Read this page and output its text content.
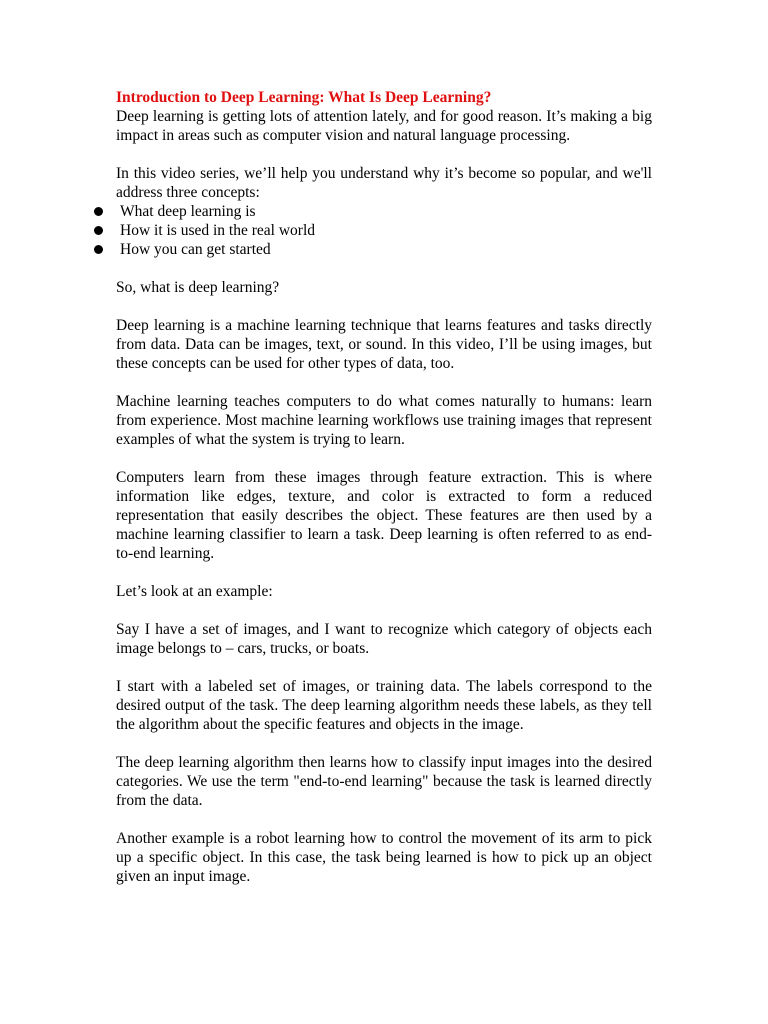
Introduction to Deep Learning: What Is Deep Learning?

Deep learning is getting lots of attention lately, and for good reason. It’s making a big impact in areas such as computer vision and natural language processing.

In this video series, we’ll help you understand why it’s become so popular, and we'll address three concepts:

What deep learning is
How it is used in the real world
How you can get started

So, what is deep learning?

Deep learning is a machine learning technique that learns features and tasks directly from data. Data can be images, text, or sound. In this video, I’ll be using images, but these concepts can be used for other types of data, too.

Machine learning teaches computers to do what comes naturally to humans: learn from experience. Most machine learning workflows use training images that represent examples of what the system is trying to learn.

Computers learn from these images through feature extraction. This is where information like edges, texture, and color is extracted to form a reduced representation that easily describes the object. These features are then used by a machine learning classifier to learn a task. Deep learning is often referred to as end-to-end learning.

Let’s look at an example:

Say I have a set of images, and I want to recognize which category of objects each image belongs to – cars, trucks, or boats.

I start with a labeled set of images, or training data. The labels correspond to the desired output of the task. The deep learning algorithm needs these labels, as they tell the algorithm about the specific features and objects in the image.

The deep learning algorithm then learns how to classify input images into the desired categories. We use the term "end-to-end learning" because the task is learned directly from the data.

Another example is a robot learning how to control the movement of its arm to pick up a specific object. In this case, the task being learned is how to pick up an object given an input image.
